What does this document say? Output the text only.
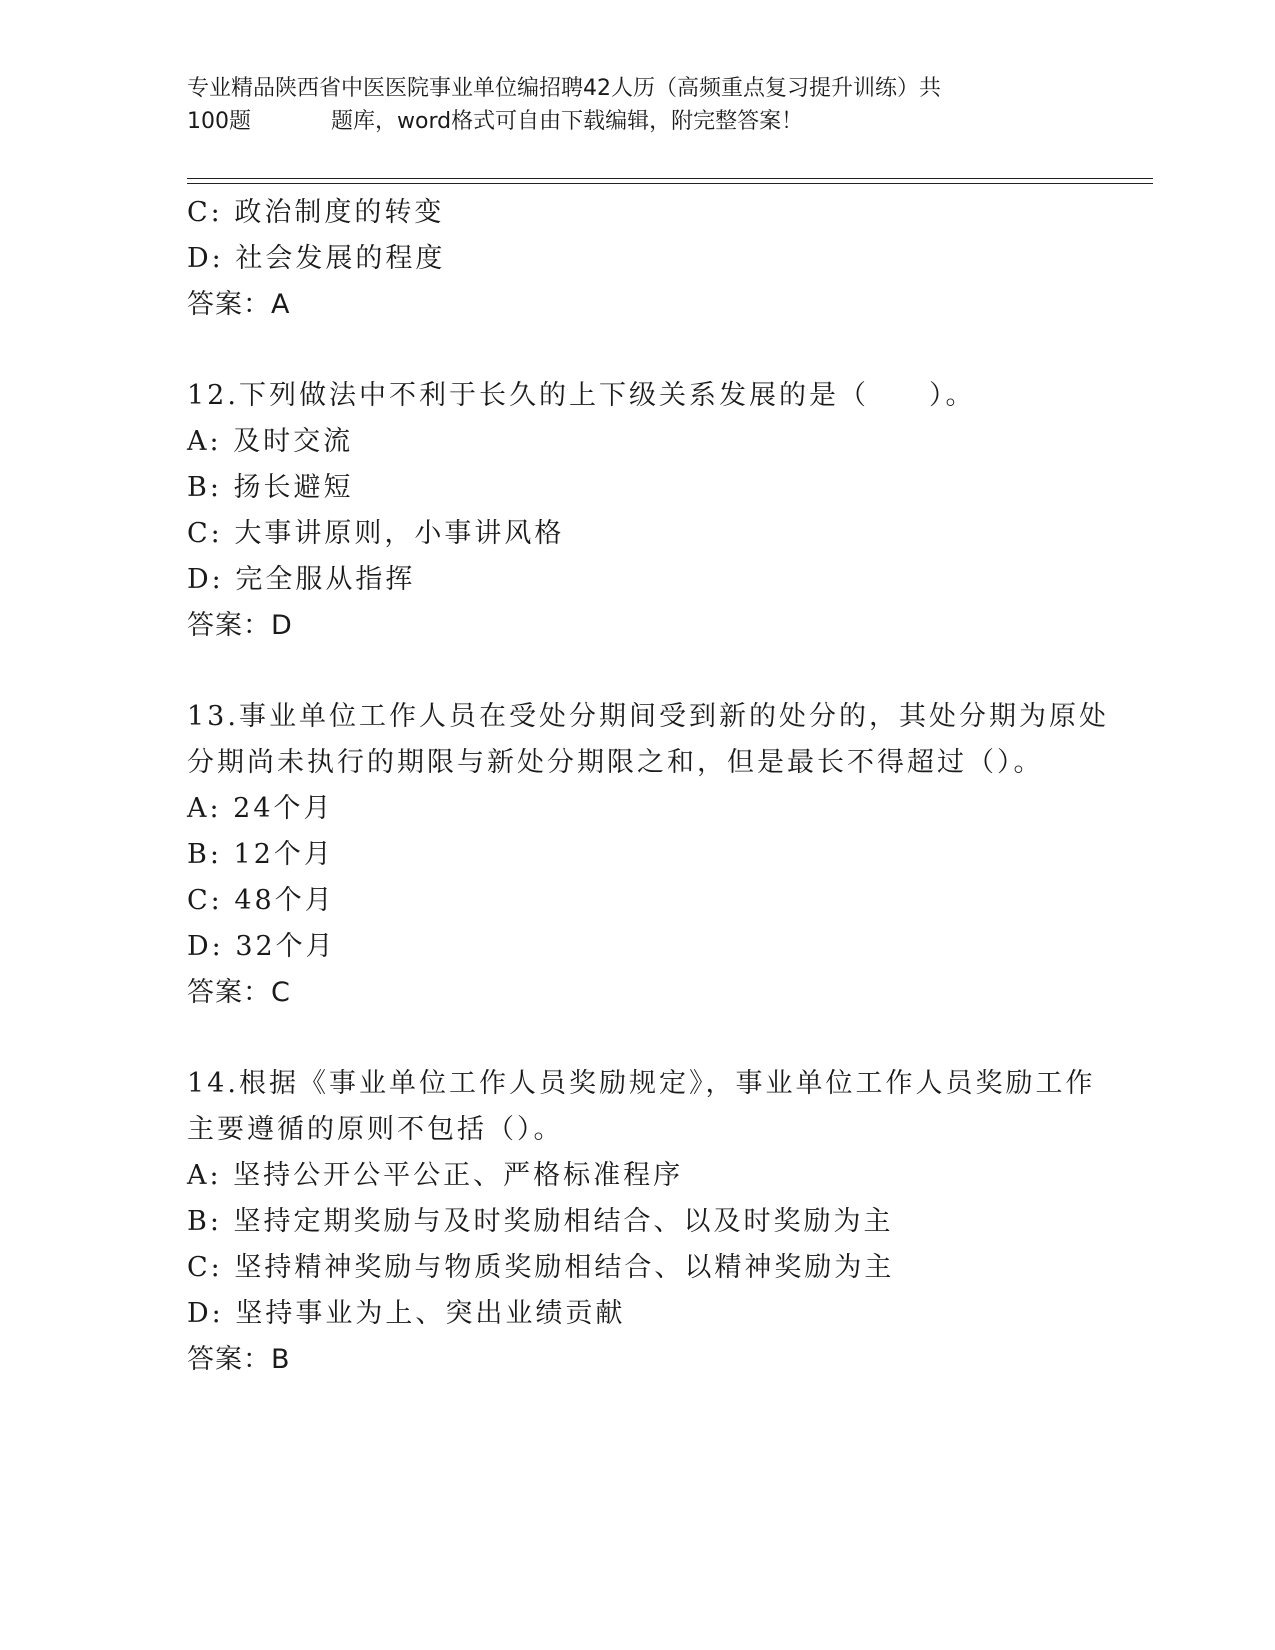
专业精品陕西省中医医院事业单位编招聘42人历（高频重点复习提升训练）共
100题	题库，word格式可自由下载编辑，附完整答案！
C: 政治制度的转变
D: 社会发展的程度
答案：A
12.下列做法中不利于长久的上下级关系发展的是（　　）。
A: 及时交流
B: 扬长避短
C: 大事讲原则，小事讲风格
D: 完全服从指挥
答案：D
13.事业单位工作人员在受处分期间受到新的处分的，其处分期为原处
分期尚未执行的期限与新处分期限之和，但是最长不得超过（）。
A: 24个月
B: 12个月
C: 48个月
D: 32个月
答案：C
14.根据《事业单位工作人员奖励规定》，事业单位工作人员奖励工作
主要遵循的原则不包括（）。
A: 坚持公开公平公正、严格标准程序
B: 坚持定期奖励与及时奖励相结合、以及时奖励为主
C: 坚持精神奖励与物质奖励相结合、以精神奖励为主
D: 坚持事业为上、突出业绩贡献
答案：B
